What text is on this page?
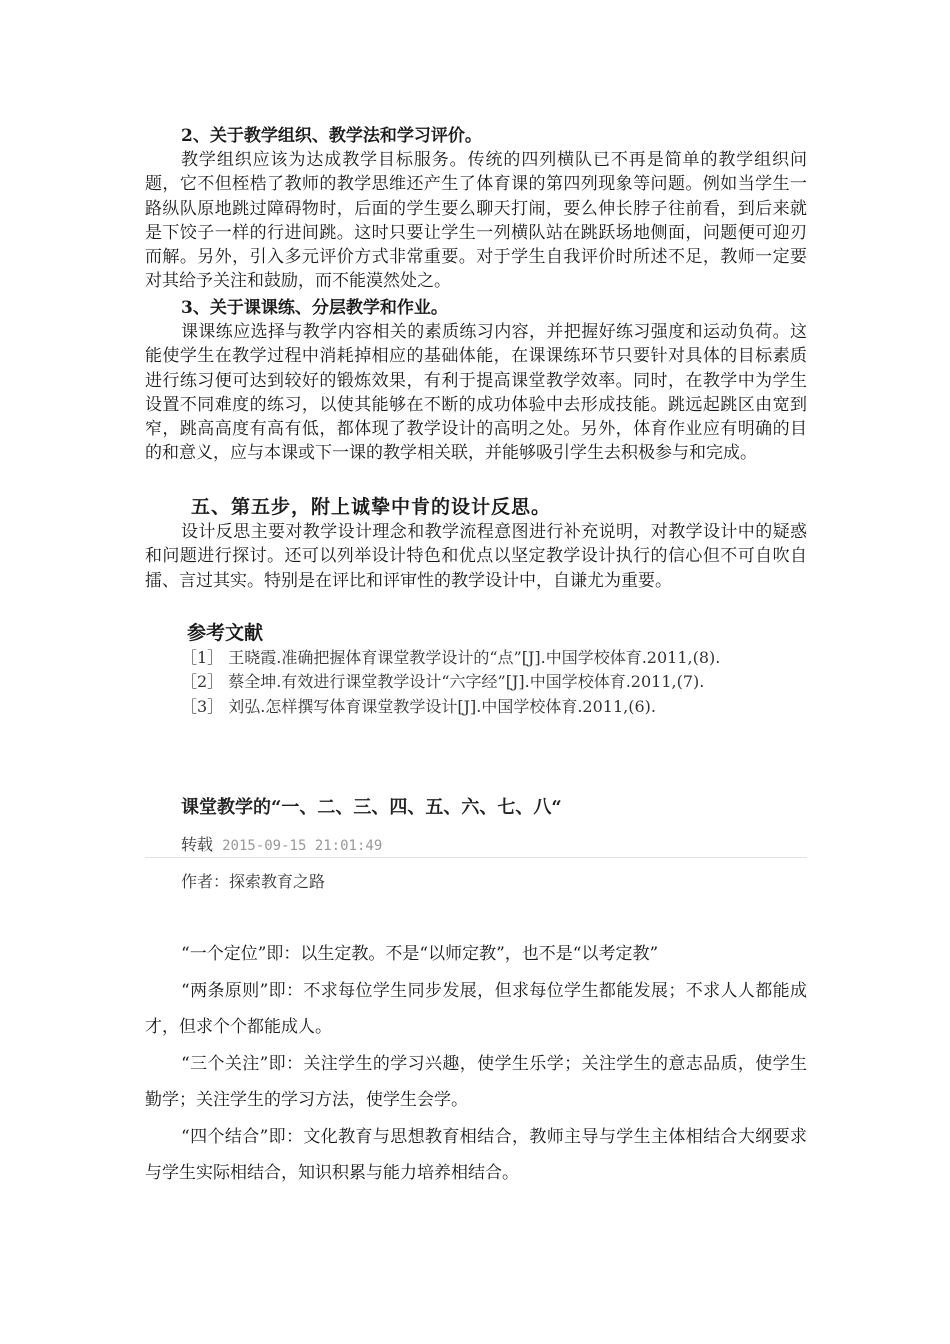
2、关于教学组织、教学法和学习评价。

教学组织应该为达成教学目标服务。传统的四列横队已不再是简单的教学组织问题，它不但桎梏了教师的教学思维还产生了体育课的第四列现象等问题。例如当学生一路纵队原地跳过障碍物时，后面的学生要么聊天打闹，要么伸长脖子往前看，到后来就是下饺子一样的行进间跳。这时只要让学生一列横队站在跳跃场地侧面，问题便可迎刃而解。另外，引入多元评价方式非常重要。对于学生自我评价时所述不足，教师一定要对其给予关注和鼓励，而不能漠然处之。

3、关于课课练、分层教学和作业。

课课练应选择与教学内容相关的素质练习内容，并把握好练习强度和运动负荷。这能使学生在教学过程中消耗掉相应的基础体能，在课课练环节只要针对具体的目标素质进行练习便可达到较好的锻炼效果，有利于提高课堂教学效率。同时，在教学中为学生设置不同难度的练习，以使其能够在不断的成功体验中去形成技能。跳远起跳区由宽到窄，跳高高度有高有低，都体现了教学设计的高明之处。另外，体育作业应有明确的目的和意义，应与本课或下一课的教学相关联，并能够吸引学生去积极参与和完成。

五、第五步，附上诚挚中肯的设计反思。

设计反思主要对教学设计理念和教学流程意图进行补充说明，对教学设计中的疑惑和问题进行探讨。还可以列举设计特色和优点以坚定教学设计执行的信心但不可自吹自擂、言过其实。特别是在评比和评审性的教学设计中，自谦尤为重要。

参考文献

［1］ 王晓霞.准确把握体育课堂教学设计的“点”[J].中国学校体育.2011,(8).

［2］ 蔡全坤.有效进行课堂教学设计“六字经”[J].中国学校体育.2011,(7).

［3］ 刘弘.怎样撰写体育课堂教学设计[J].中国学校体育.2011,(6).

课堂教学的“一、二、三、四、五、六、七、八“

转载 2015-09-15 21:01:49
作者：探索教育之路

“一个定位”即：以生定教。不是“以师定教”，也不是“以考定教”

“两条原则”即：不求每位学生同步发展，但求每位学生都能发展；不求人人都能成才，但求个个都能成人。

“三个关注”即：关注学生的学习兴趣，使学生乐学；关注学生的意志品质，使学生勤学；关注学生的学习方法，使学生会学。

“四个结合”即：文化教育与思想教育相结合，教师主导与学生主体相结合大纲要求与学生实际相结合，知识积累与能力培养相结合。
